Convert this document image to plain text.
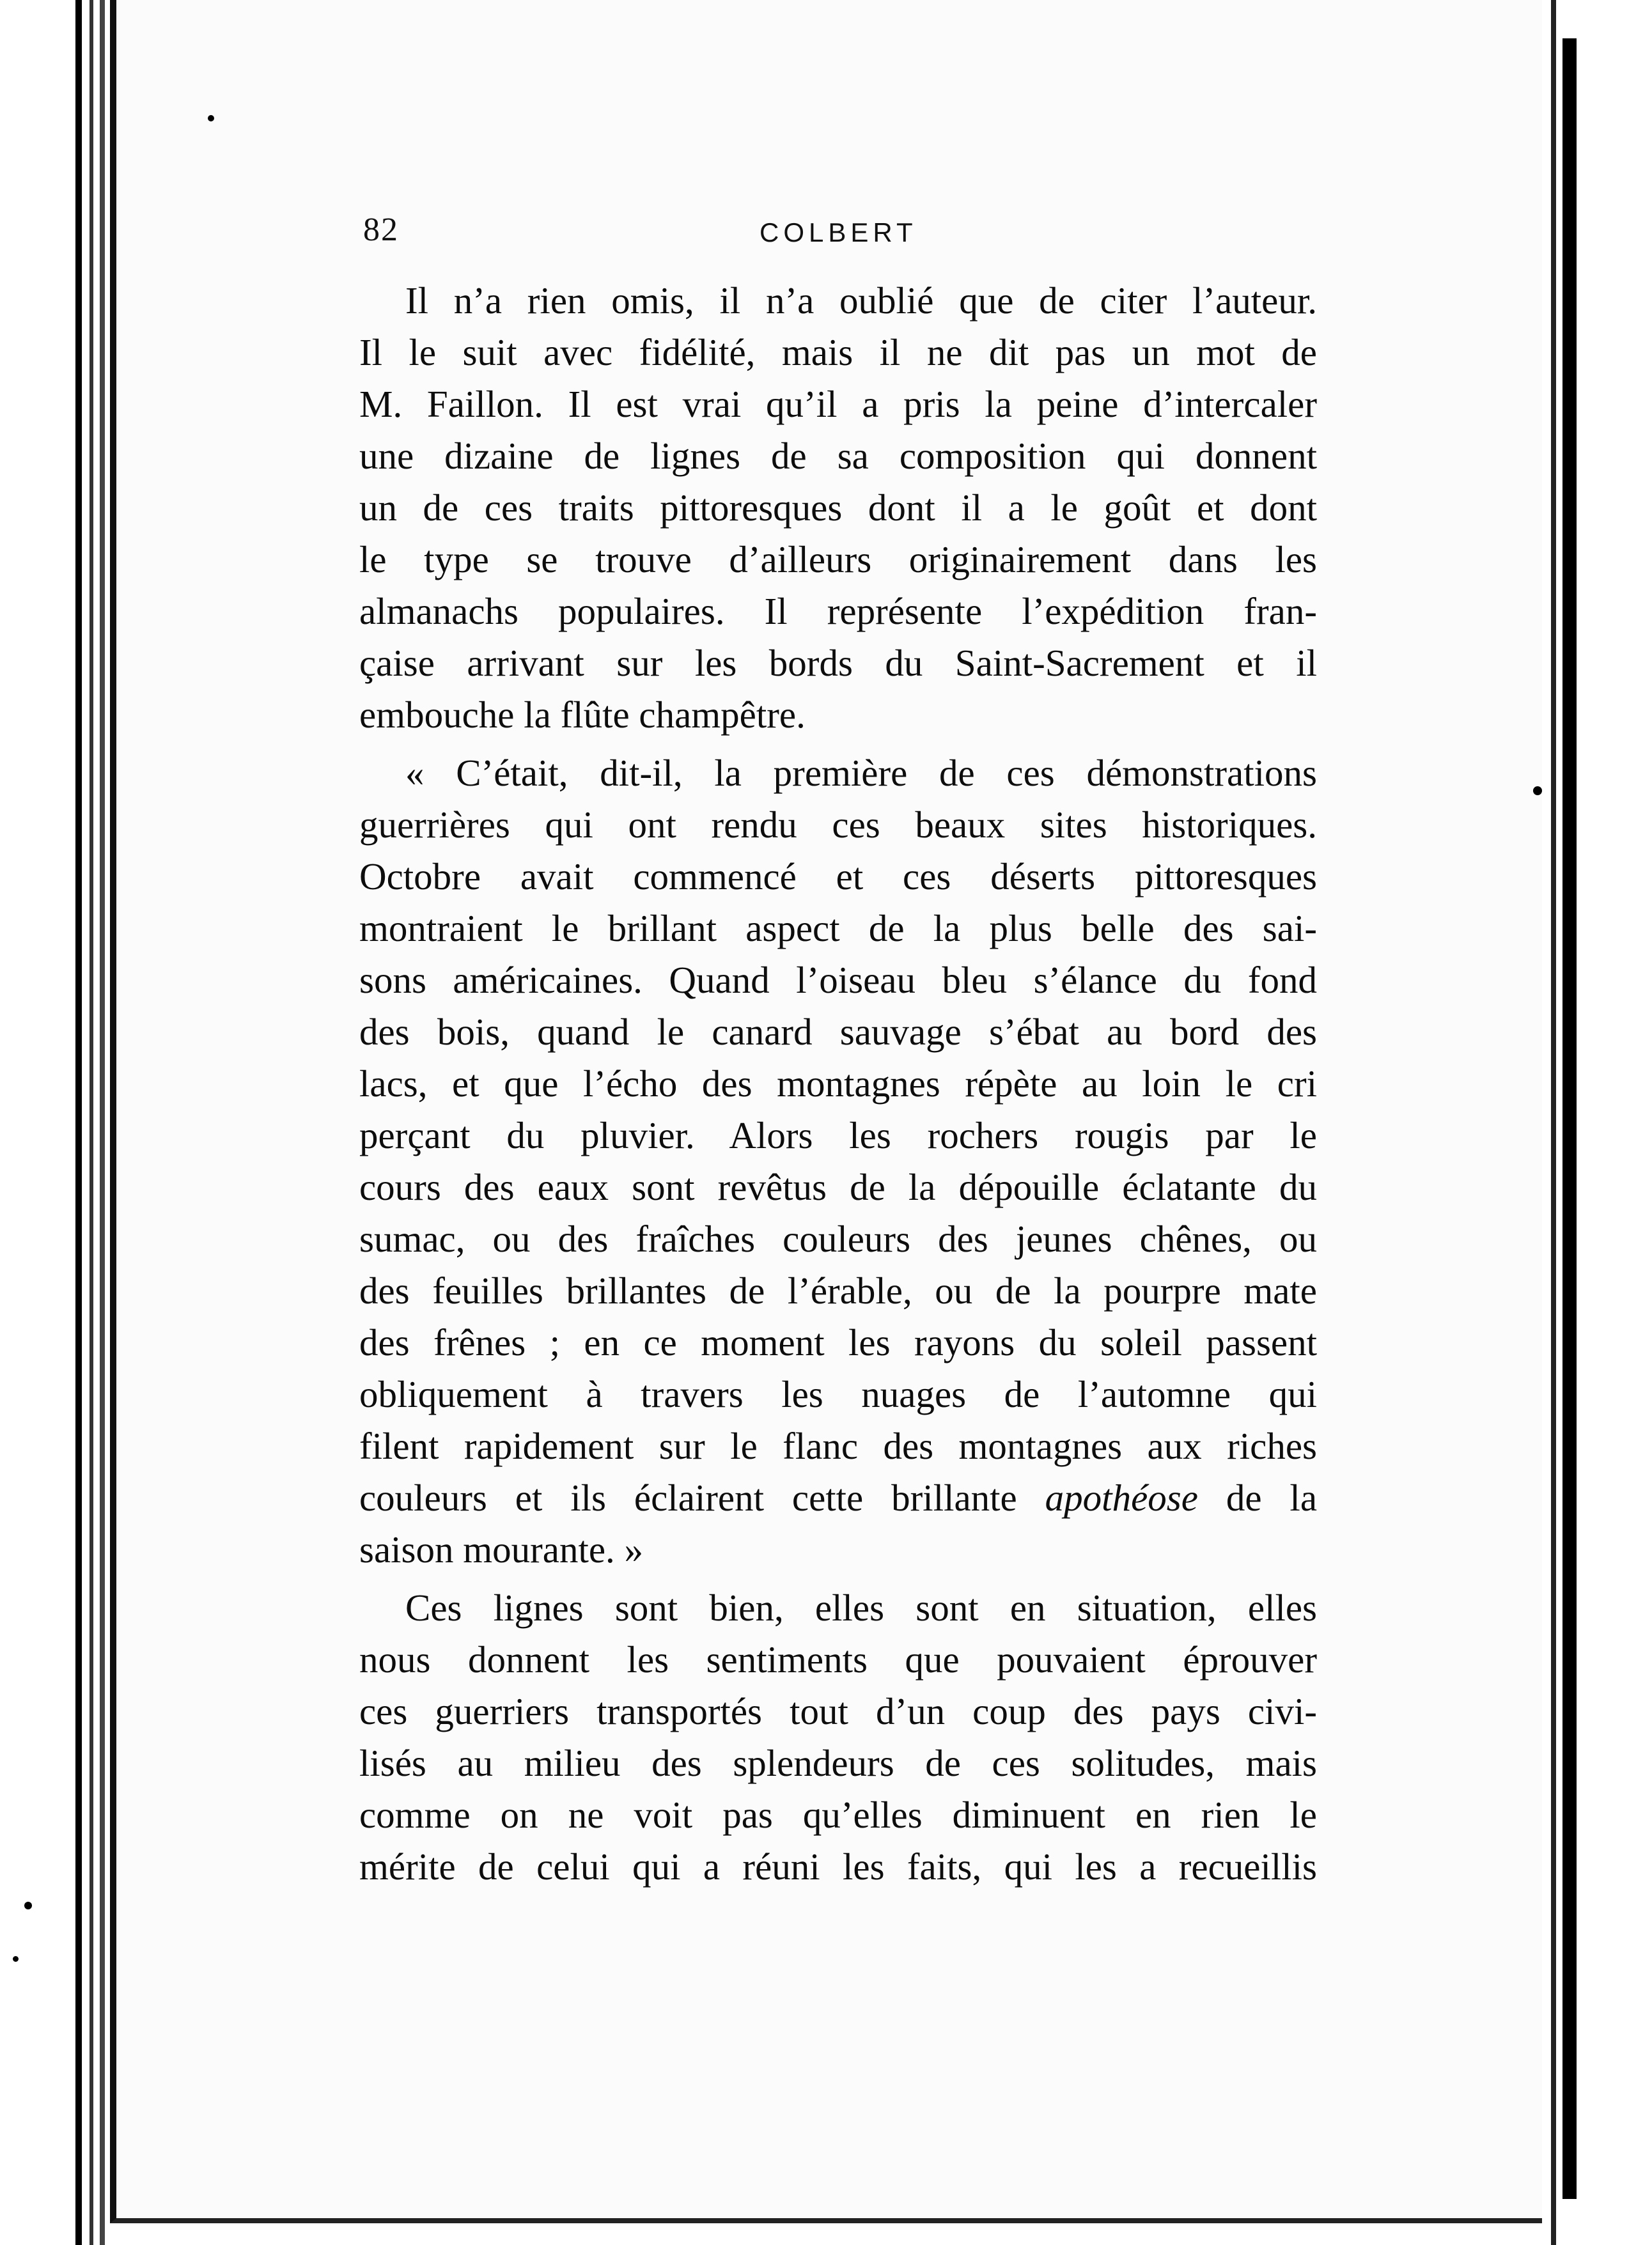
82	COLBERT
Il n’a rien omis, il n’a oublié que de citer l’auteur.
Il le suit avec fidélité, mais il ne dit pas un mot de
M. Faillon. Il est vrai qu’il a pris la peine d’intercaler
une dizaine de lignes de sa composition qui donnent
un de ces traits pittoresques dont il a le goût et dont
le type se trouve d’ailleurs originairement dans les
almanachs populaires. Il représente l’expédition fran-
çaise arrivant sur les bords du Saint-Sacrement et il
embouche la flûte champêtre.
« C’était, dit-il, la première de ces démonstrations
guerrières qui ont rendu ces beaux sites historiques.
Octobre avait commencé et ces déserts pittoresques
montraient le brillant aspect de la plus belle des sai-
sons américaines. Quand l’oiseau bleu s’élance du fond
des bois, quand le canard sauvage s’ébat au bord des
lacs, et que l’écho des montagnes répète au loin le cri
perçant du pluvier. Alors les rochers rougis par le
cours des eaux sont revêtus de la dépouille éclatante du
sumac, ou des fraîches couleurs des jeunes chênes, ou
des feuilles brillantes de l’érable, ou de la pourpre mate
des frênes ; en ce moment les rayons du soleil passent
obliquement à travers les nuages de l’automne qui
filent rapidement sur le flanc des montagnes aux riches
couleurs et ils éclairent cette brillante apothéose de la
saison mourante. »
Ces lignes sont bien, elles sont en situation, elles
nous donnent les sentiments que pouvaient éprouver
ces guerriers transportés tout d’un coup des pays civi-
lisés au milieu des splendeurs de ces solitudes, mais
comme on ne voit pas qu’elles diminuent en rien le
mérite de celui qui a réuni les faits, qui les a recueillis
